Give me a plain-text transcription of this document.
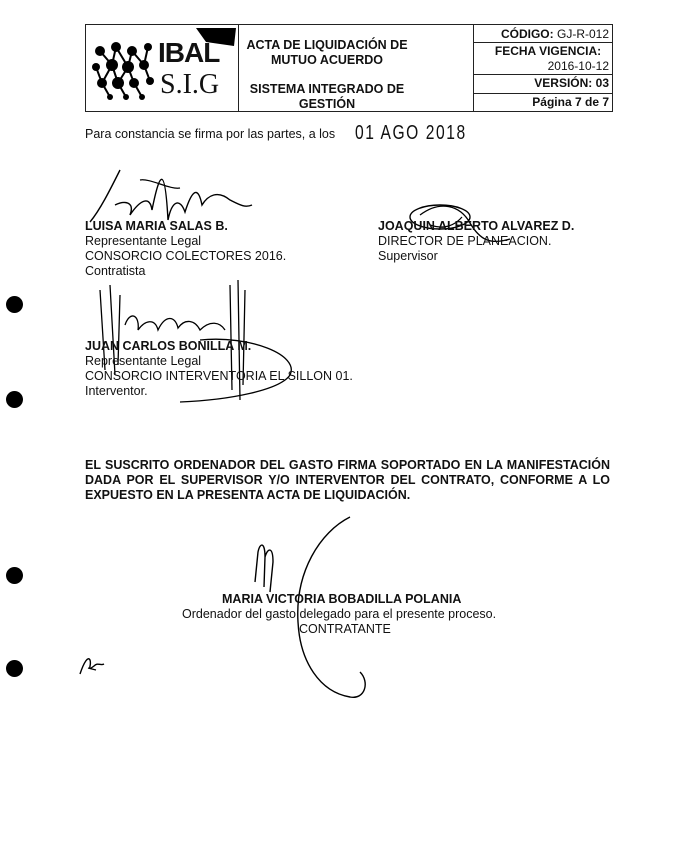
IBAL
S.I.G
ACTA DE LIQUIDACIÓN DE MUTUO ACUERDO
SISTEMA INTEGRADO DE GESTIÓN
CÓDIGO: GJ-R-012
FECHA VIGENCIA:
2016-10-12
VERSIÓN: 03
Página 7 de 7
Para constancia se firma por las partes, a los 01 AGO 2018
LUISA MARIA SALAS B.
Representante Legal
CONSORCIO COLECTORES 2016.
Contratista
JOAQUIN ALBERTO ALVAREZ D.
DIRECTOR DE PLANEACION.
Supervisor
JUAN CARLOS BONILLA M.
Representante Legal
CONSORCIO INTERVENTORIA EL SILLON 01.
Interventor.
EL SUSCRITO ORDENADOR DEL GASTO FIRMA SOPORTADO EN LA MANIFESTACIÓN DADA POR EL SUPERVISOR Y/O INTERVENTOR DEL CONTRATO, CONFORME A LO EXPUESTO EN LA PRESENTA ACTA DE LIQUIDACIÓN.
MARIA VICTORIA BOBADILLA POLANIA
Ordenador del gasto delegado para el presente proceso.
CONTRATANTE
